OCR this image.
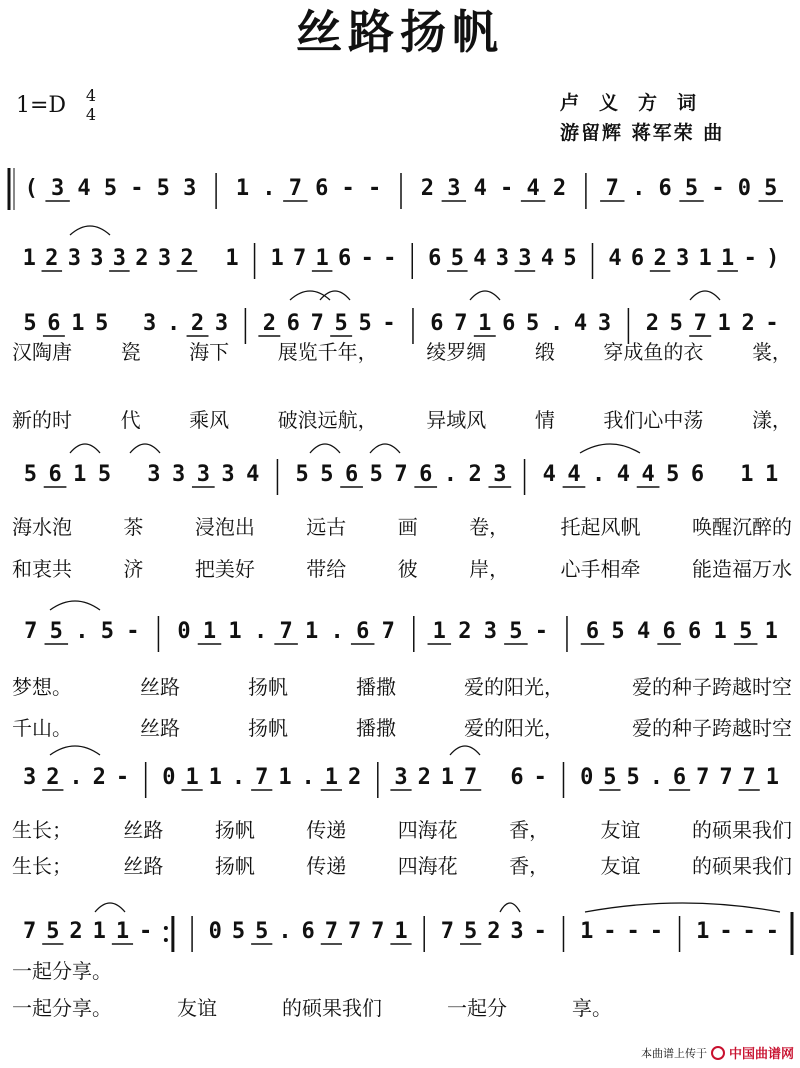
丝路扬帆
1=D	4
4
卢义方词
游留辉 蒋军荣 曲
( 3 4 5 - 5 3 1 . 7 6 - - 2 3 4 - 4 2 7 . 6 5 - 0 5
1 2 3 3 3 2 3 2 1 1 7 1 6 - - 6 5 4 3 3 4 5 4 6 2 3 1 1 - )
5 6 1 5 3 . 2 3 2 6 7 5 5 - 6 7 1 6 5 . 4 3 2 5 7 1 2 -
5 6 1 5 3 3 3 3 4 5 5 6 5 7 6 . 2 3 4 4 . 4 4 5 6 1 1
7 5 . 5 - 0 1 1 . 7 1 . 6 7 1 2 3 5 - 6 5 4 6 6 1 5 1
3 2 . 2 - 0 1 1 . 7 1 . 1 2 3 2 1 7 6 - 0 5 5 . 6 7 7 7 1
7 5 2 1 1 -	0 5 5 . 6 7 7 7 1 7 5 2 3 - 1 - - - 1 - - -
汉陶唐 瓷 海下 展览千年， 绫罗绸 缎 穿成鱼的衣 裳，
新的时 代 乘风 破浪远航， 异域风 情 我们心中荡 漾，
海水泡	茶	浸泡出	远古	画	卷，	托起风帆	唤醒沉醉的
和衷共	济	把美好	带给	彼	岸，	心手相牵	能造福万水
梦想。	丝路	扬帆	播撒	爱的阳光，	爱的种子跨越时空
千山。	丝路	扬帆	播撒	爱的阳光，	爱的种子跨越时空
生长；	丝路	扬帆	传递	四海花	香，	友谊	的硕果我们
生长；	丝路	扬帆	传递	四海花	香，	友谊	的硕果我们
一起分享。
一起分享。	友谊	的硕果我们	一起分	享。
本曲谱上传于 中国曲谱网
